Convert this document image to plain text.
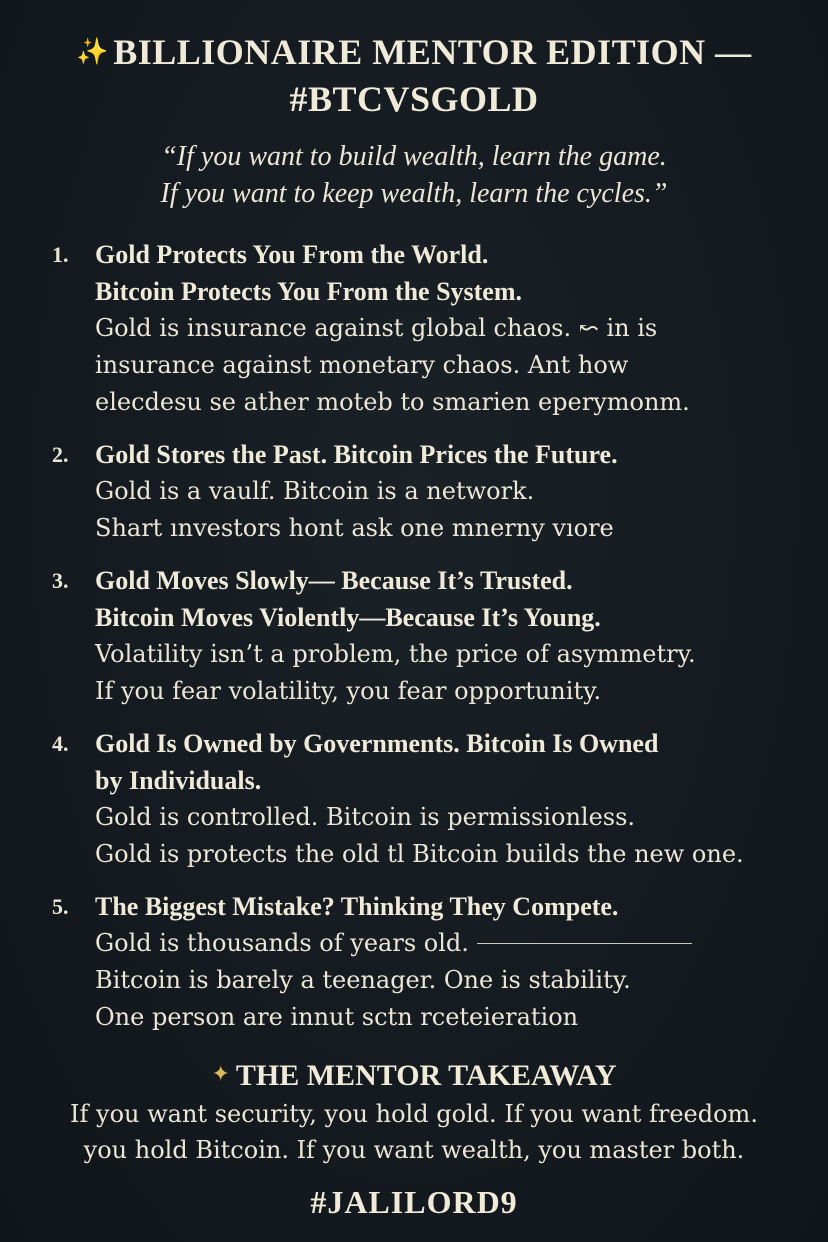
✨ BILLIONAIRE MENTOR EDITION —
#BTCVSGOLD
“If you want to build wealth, learn the game.
If you want to keep wealth, learn the cycles.”
1. Gold Protects You From the World.
Bitcoin Protects You From the System.
Gold is insurance against global chaos. ↜ in is
insurance against monetary chaos. Ant how
elecdesu se ather motеb to smarien eperymonm.
2. Gold Stores the Past. Bitcoin Prices the Future.
Gold is a vaulf. Bitcoin is a network.
Shart ınvestors hont ask one mnerny vıore
3. Gold Moves Slowly— Because It’s Trusted.
Bitcoin Moves Violently—Because It’s Young.
Volatility isn’t a problem, the price of asymmetry.
If you fear volatility, you fear opportunity.
4. Gold Is Owned by Governments. Bitcoin Is Owned
by Individuals.
Gold is controlled. Bitcoin is permissionless.
Gold is protects the old tl Bitcoin builds the new one.
5. The Biggest Mistake? Thinking They Compete.
Gold is thousands of years old.
Bitcoin is barely a teenager. One is stability.
One person are innut sctn rceteieration
✦ THE MENTOR TAKEAWAY
If you want security, you hold gold. If you want freedom.
you hold Bitcoin. If you want wealth, you master both.
#JALILORD9
